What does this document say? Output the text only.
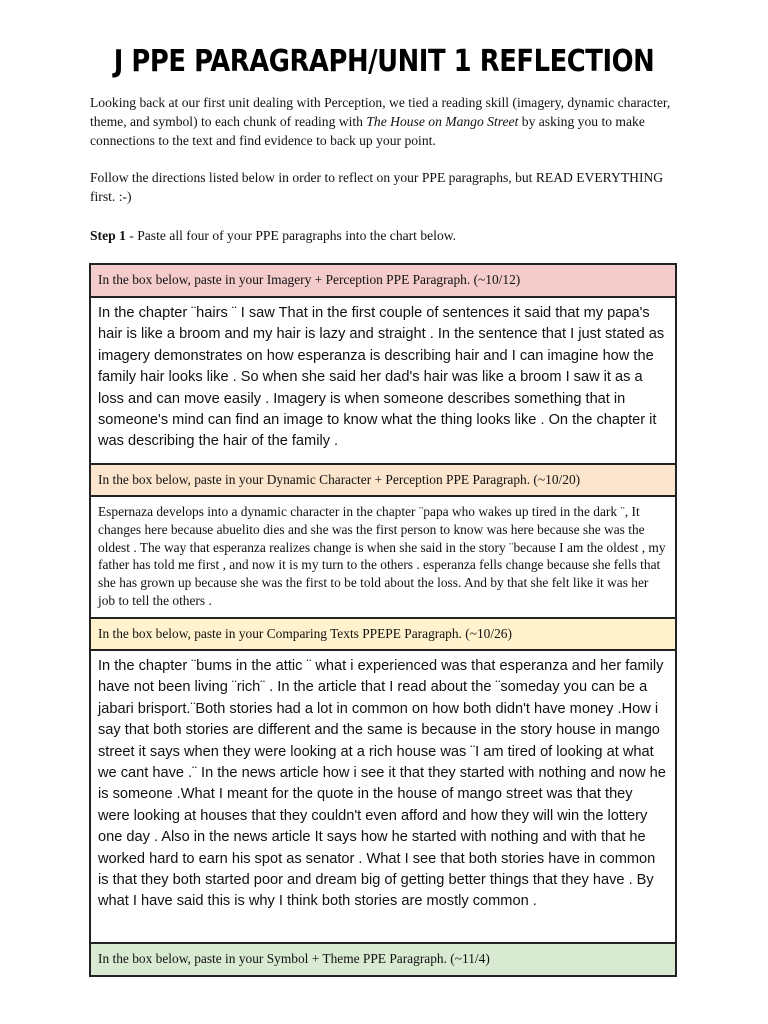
J PPE PARAGRAPH/UNIT 1 REFLECTION
Looking back at our first unit dealing with Perception, we tied a reading skill (imagery, dynamic character, theme, and symbol) to each chunk of reading with The House on Mango Street by asking you to make connections to the text and find evidence to back up your point.
Follow the directions listed below in order to reflect on your PPE paragraphs, but READ EVERYTHING first. :-)
Step 1 - Paste all four of your PPE paragraphs into the chart below.
In the box below, paste in your Imagery + Perception PPE Paragraph. (~10/12)
In the chapter ¨hairs ¨ I saw That in the first couple of sentences it said that my papa's hair is like a broom and my hair is lazy and straight . In the sentence that I just stated as imagery demonstrates on how esperanza is describing hair and I can imagine how the family hair looks like . So when she said her dad's hair was like a broom I saw it as a loss and can move easily . Imagery is when someone describes something that in someone's mind can find an image to know what the thing looks like . On the chapter it was describing the hair of the family .
In the box below, paste in your Dynamic Character + Perception PPE Paragraph. (~10/20)
Espernaza develops into a dynamic character in the chapter ¨papa who wakes up tired in the dark ¨, It changes here because abuelito dies and she was the first person to know was here because she was the oldest . The way that esperanza realizes change is when she said in the story ¨because I am the oldest , my father has told me first , and now it is my turn to the others . esperanza fells change because she fells that she has grown up because she was the first to be told about the loss. And by that she felt like it was her job to tell the others .
In the box below, paste in your Comparing Texts PPEPE Paragraph. (~10/26)
In the chapter ¨bums in the attic ¨ what i experienced was that esperanza and her family have not been living ¨rich¨ . In the article that I read about the ¨someday you can be a jabari brisport.¨Both stories had a lot in common on how both didn't have money .How i say that both stories are different and the same is because in the story house in mango street it says when they were looking at a rich house was ¨I am tired of looking at what we cant have .¨ In the news article how i see it that they started with nothing and now he is someone .What I meant for the quote in the house of mango street was that they were looking at houses that they couldn't even afford and how they will win the lottery one day . Also in the news article It says how he started with nothing and with that he worked hard to earn his spot as senator . What I see that both stories have in common is that they both started poor and dream big of getting better things that they have . By what I have said this is why I think both stories are mostly common .
In the box below, paste in your Symbol + Theme PPE Paragraph. (~11/4)
